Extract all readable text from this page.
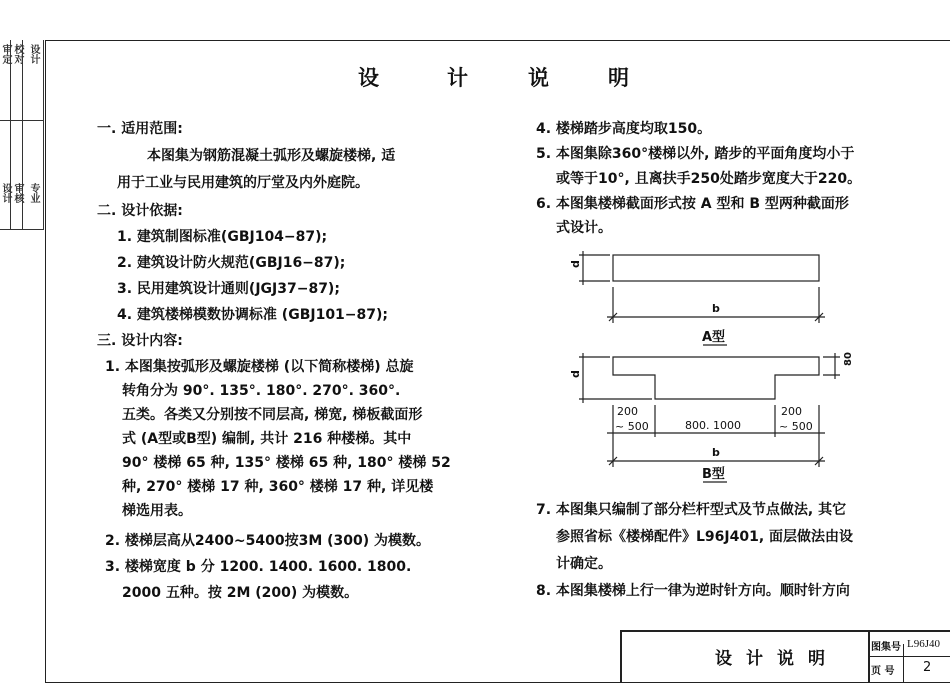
审定 校对 设计
设计 审核 专业
设	计	说	明
一. 适用范围:
本图集为钢筋混凝土弧形及螺旋楼梯, 适
用于工业与民用建筑的厅堂及内外庭院。
二. 设计依据:
1. 建筑制图标准(GBJ104−87);
2. 建筑设计防火规范(GBJ16−87);
3. 民用建筑设计通则(JGJ37−87);
4. 建筑楼梯模数协调标准 (GBJ101−87);
三. 设计内容:
1. 本图集按弧形及螺旋楼梯 (以下简称楼梯) 总旋
转角分为 90°. 135°. 180°. 270°. 360°.
五类。各类又分别按不同层高, 梯宽, 梯板截面形
式 (A型或B型) 编制, 共计 216 种楼梯。其中
90° 楼梯 65 种, 135° 楼梯 65 种, 180° 楼梯 52
种, 270° 楼梯 17 种, 360° 楼梯 17 种, 详见楼
梯选用表。
2. 楼梯层高从2400~5400按3M (300) 为模数。
3. 楼梯宽度 b 分 1200. 1400. 1600. 1800.
2000 五种。按 2M (200) 为模数。
4. 楼梯踏步高度均取150。
5. 本图集除360°楼梯以外, 踏步的平面角度均小于
或等于10°, 且离扶手250处踏步宽度大于220。
6. 本图集楼梯截面形式按 A 型和 B 型两种截面形
式设计。
d
b
A型
d
80
200
~ 500	800. 1000
200
~ 500
b
B型
7. 本图集只编制了部分栏杆型式及节点做法, 其它
参照省标《楼梯配件》L96J401, 面层做法由设
计确定。
8. 本图集楼梯上行一律为逆时针方向。顺时针方向
设计说明
图集号 L96J40
页 号 2
